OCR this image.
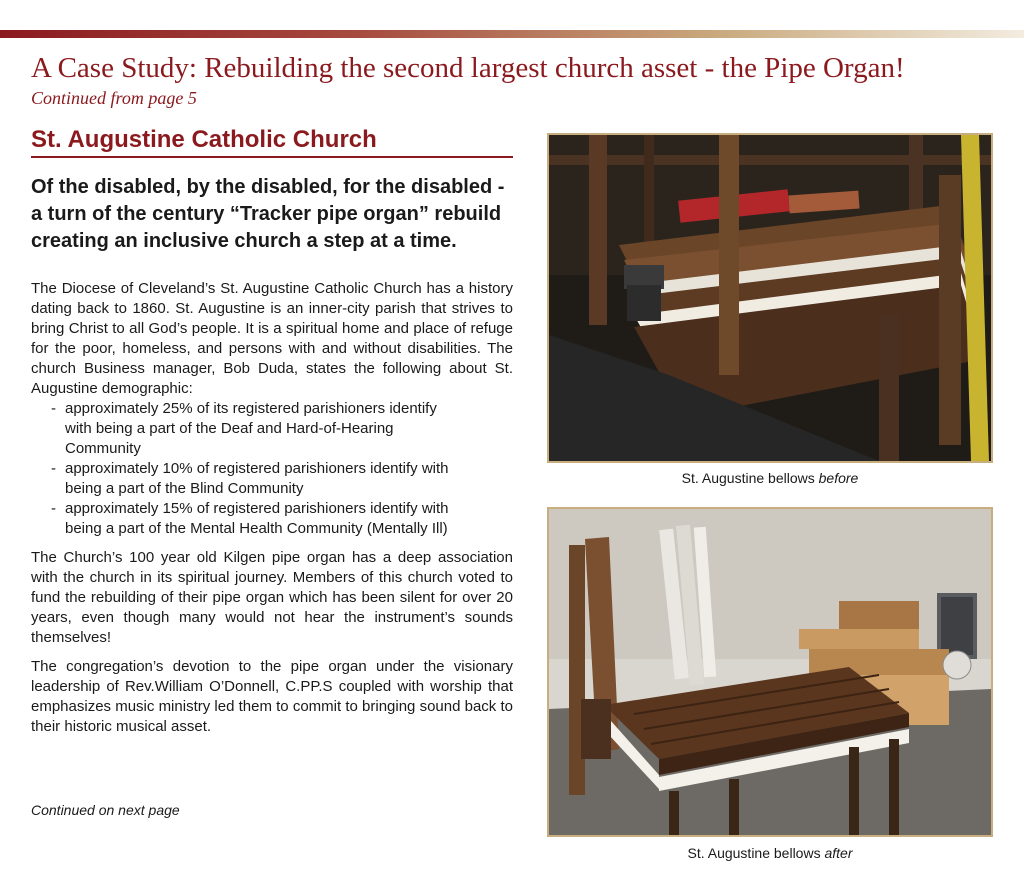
A Case Study: Rebuilding the second largest church asset - the Pipe Organ!
Continued from page 5
St. Augustine Catholic Church

Of the disabled, by the disabled, for the disabled - a turn of the century “Tracker pipe organ” rebuild creating an inclusive church a step at a time.

The Diocese of Cleveland’s St. Augustine Catholic Church has a history dating back to 1860. St. Augustine is an inner-city parish that strives to bring Christ to all God’s people. It is a spiritual home and place of refuge for the poor, homeless, and persons with and without disabilities. The church Business manager, Bob Duda, states the following about St. Augustine demographic:

- approximately 25% of its registered parishioners identify with being a part of the Deaf and Hard-of-Hearing Community
- approximately 10% of registered parishioners identify with being a part of the Blind Community
- approximately 15% of registered parishioners identify with being a part of the Mental Health Community (Mentally Ill)

The Church’s 100 year old Kilgen pipe organ has a deep association with the church in its spiritual journey. Members of this church voted to fund the rebuilding of their pipe organ which has been silent for over 20 years, even though many would not hear the instrument’s sounds themselves!

The congregation’s devotion to the pipe organ under the visionary leadership of Rev.William O’Donnell, C.PP.S coupled with worship that emphasizes music ministry led them to commit to bringing sound back to their historic musical asset.

Continued on next page
St. Augustine bellows before
St. Augustine bellows after
